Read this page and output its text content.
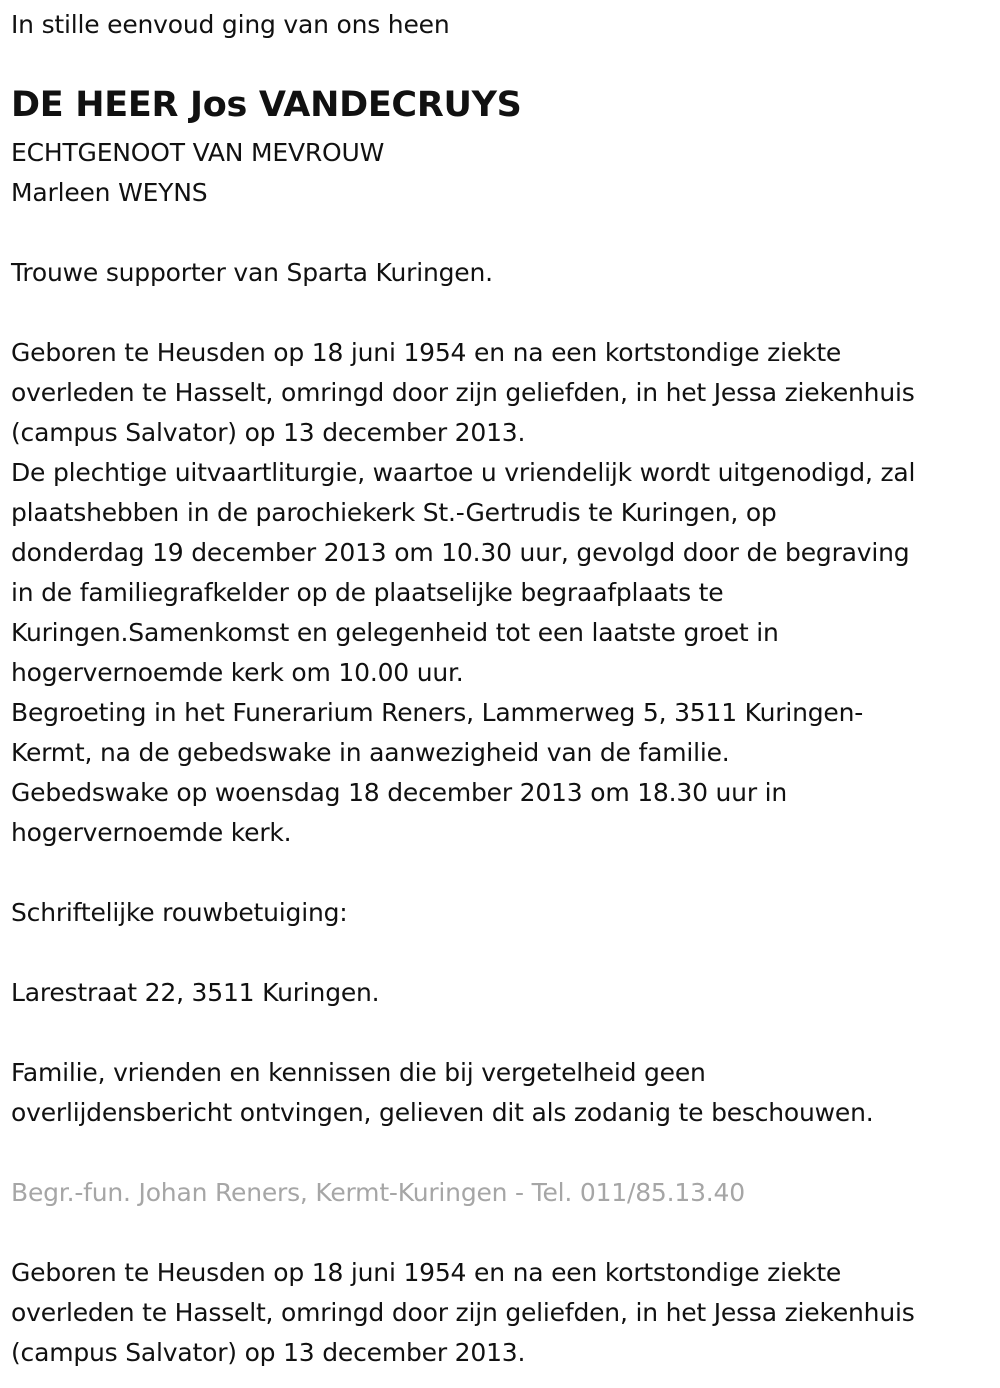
In stille eenvoud ging van ons heen
DE HEER Jos VANDECRUYS
ECHTGENOOT VAN MEVROUW
Marleen WEYNS
Trouwe supporter van Sparta Kuringen.
Geboren te Heusden op 18 juni 1954 en na een kortstondige ziekte
overleden te Hasselt, omringd door zijn geliefden, in het Jessa ziekenhuis
(campus Salvator) op 13 december 2013.
De plechtige uitvaartliturgie, waartoe u vriendelijk wordt uitgenodigd, zal
plaatshebben in de parochiekerk St.-Gertrudis te Kuringen, op
donderdag 19 december 2013 om 10.30 uur, gevolgd door de begraving
in de familiegrafkelder op de plaatselijke begraafplaats te
Kuringen.Samenkomst en gelegenheid tot een laatste groet in
hogervernoemde kerk om 10.00 uur.
Begroeting in het Funerarium Reners, Lammerweg 5, 3511 Kuringen-
Kermt, na de gebedswake in aanwezigheid van de familie.
Gebedswake op woensdag 18 december 2013 om 18.30 uur in
hogervernoemde kerk.
Schriftelijke rouwbetuiging:
Larestraat 22, 3511 Kuringen.
Familie, vrienden en kennissen die bij vergetelheid geen
overlijdensbericht ontvingen, gelieven dit als zodanig te beschouwen.
Begr.-fun. Johan Reners, Kermt-Kuringen - Tel. 011/85.13.40
Geboren te Heusden op 18 juni 1954 en na een kortstondige ziekte
overleden te Hasselt, omringd door zijn geliefden, in het Jessa ziekenhuis
(campus Salvator) op 13 december 2013.
